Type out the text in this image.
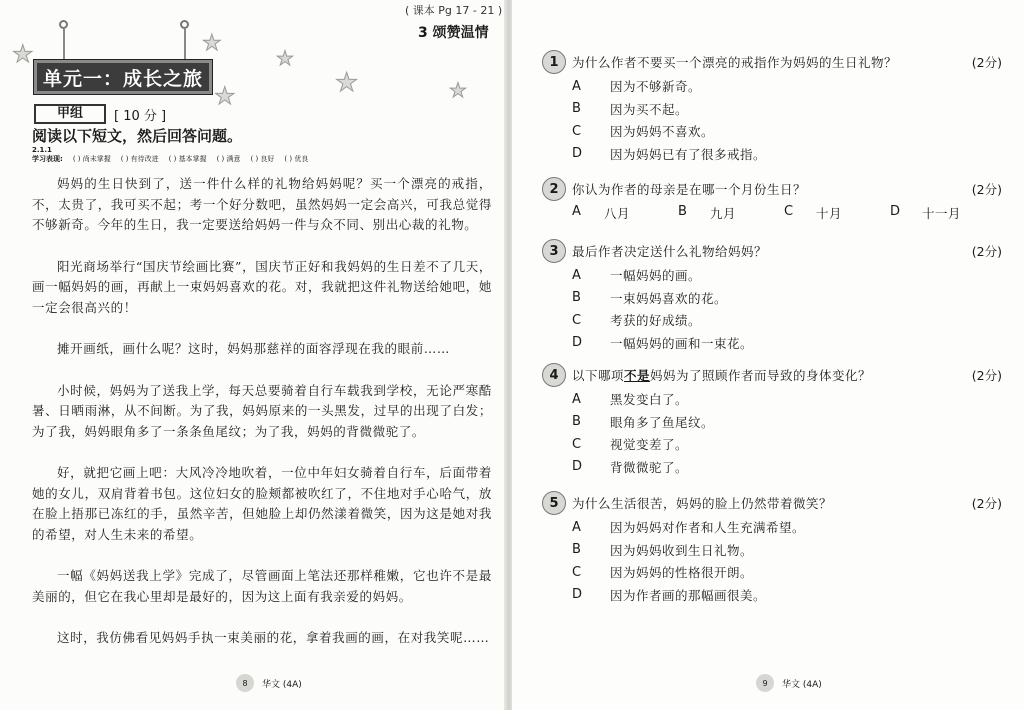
( 课本 Pg 17 - 21 )
3 颂赞温情
★	★
★
★
★	★
单元一：成长之旅
甲组	[ 10 分 ]
阅读以下短文，然后回答问题。
2.1.1
学习表现: ( ) 尚未掌握 ( ) 有待改进 ( ) 基本掌握 ( ) 满意 ( ) 良好 ( ) 优良

妈妈的生日快到了，送一件什么样的礼物给妈妈呢？买一个漂亮的戒指，不，太贵了，我可买不起；考一个好分数吧，虽然妈妈一定会高兴，可我总觉得不够新奇。今年的生日，我一定要送给妈妈一件与众不同、别出心裁的礼物。

阳光商场举行“国庆节绘画比赛”，国庆节正好和我妈妈的生日差不了几天，画一幅妈妈的画，再献上一束妈妈喜欢的花。对，我就把这件礼物送给她吧，她一定会很高兴的！

摊开画纸，画什么呢？这时，妈妈那慈祥的面容浮现在我的眼前……

小时候，妈妈为了送我上学，每天总要骑着自行车载我到学校，无论严寒酷暑、日晒雨淋，从不间断。为了我，妈妈原来的一头黑发，过早的出现了白发；为了我，妈妈眼角多了一条条鱼尾纹；为了我，妈妈的背微微驼了。

好，就把它画上吧：大风冷冷地吹着，一位中年妇女骑着自行车，后面带着她的女儿，双肩背着书包。这位妇女的脸颊都被吹红了，不住地对手心哈气，放在脸上捂那已冻红的手，虽然辛苦，但她脸上却仍然漾着微笑，因为这是她对我的希望，对人生未来的希望。

一幅《妈妈送我上学》完成了，尽管画面上笔法还那样稚嫩，它也许不是最美丽的，但它在我心里却是最好的，因为这上面有我亲爱的妈妈。

这时，我仿佛看见妈妈手执一束美丽的花，拿着我画的画，在对我笑呢……

8	华文 (4A)
1	为什么作者不要买一个漂亮的戒指作为妈妈的生日礼物？	(2分)
A	因为不够新奇。
B	因为买不起。
C	因为妈妈不喜欢。
D	因为妈妈已有了很多戒指。
2	你认为作者的母亲是在哪一个月份生日？	(2分)
A	八月	B	九月	C	十月	D	十一月
3	最后作者决定送什么礼物给妈妈？	(2分)
A	一幅妈妈的画。
B	一束妈妈喜欢的花。
C	考获的好成绩。
D	一幅妈妈的画和一束花。
4	以下哪项不是妈妈为了照顾作者而导致的身体变化？	(2分)
A	黑发变白了。
B	眼角多了鱼尾纹。
C	视觉变差了。
D	背微微驼了。
5	为什么生活很苦，妈妈的脸上仍然带着微笑？	(2分)
A	因为妈妈对作者和人生充满希望。
B	因为妈妈收到生日礼物。
C	因为妈妈的性格很开朗。
D	因为作者画的那幅画很美。
9	华文 (4A)
